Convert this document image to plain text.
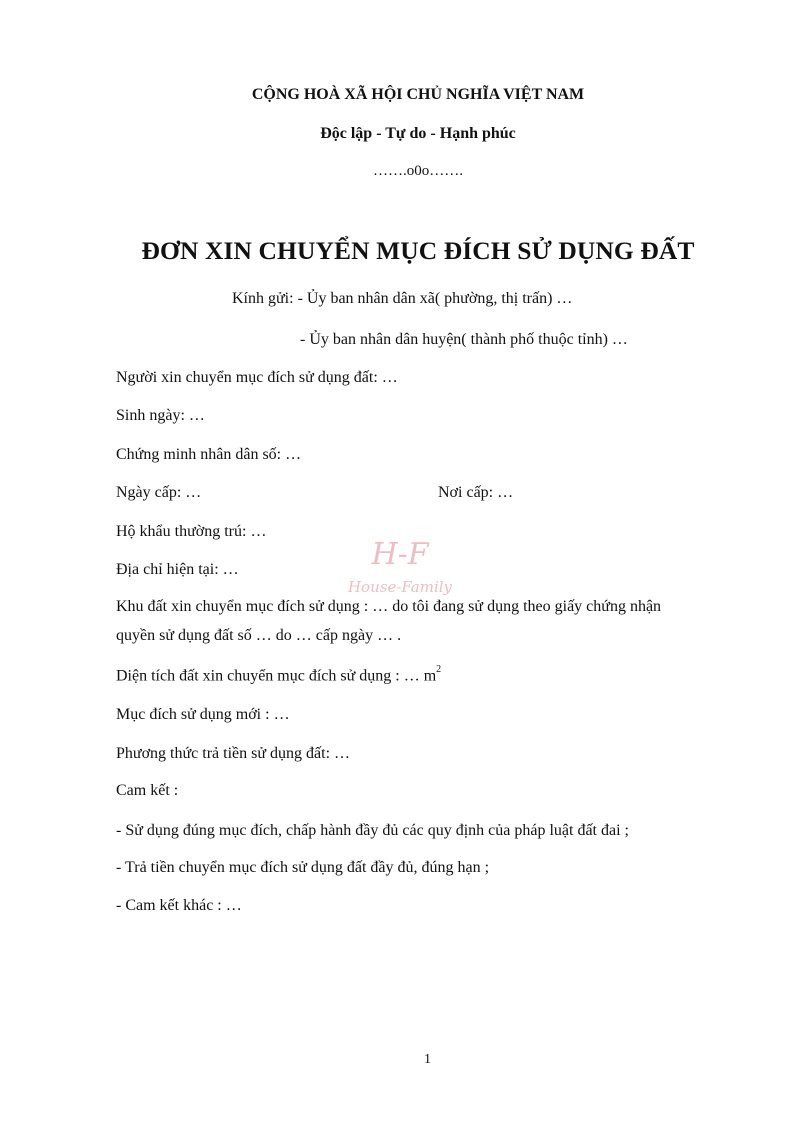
CỘNG HOÀ XÃ HỘI CHỦ NGHĨA VIỆT NAM
Độc lập - Tự do - Hạnh phúc
…….o0o…….
ĐƠN XIN CHUYỂN MỤC ĐÍCH SỬ DỤNG ĐẤT
Kính gửi: - Ủy ban nhân dân xã( phường, thị trấn) …
- Ủy ban nhân dân huyện( thành phố thuộc tỉnh) …
Người xin chuyển mục đích sử dụng đất: …
Sinh ngày: …
Chứng minh nhân dân số: …
Ngày cấp: …	Nơi cấp: …
Hộ khẩu thường trú: …
Địa chỉ hiện tại: …
Khu đất xin chuyển mục đích sử dụng : … do tôi đang sử dụng theo giấy chứng nhận
quyền sử dụng đất số … do … cấp ngày … .
Diện tích đất xin chuyển mục đích sử dụng : … $m^2$
Mục đích sử dụng mới : …
Phương thức trả tiền sử dụng đất: …
Cam kết :
- Sử dụng đúng mục đích, chấp hành đầy đủ các quy định của pháp luật đất đai ;
- Trả tiền chuyển mục đích sử dụng đất đầy đủ, đúng hạn ;
- Cam kết khác : …
H-F
House-Family
1
